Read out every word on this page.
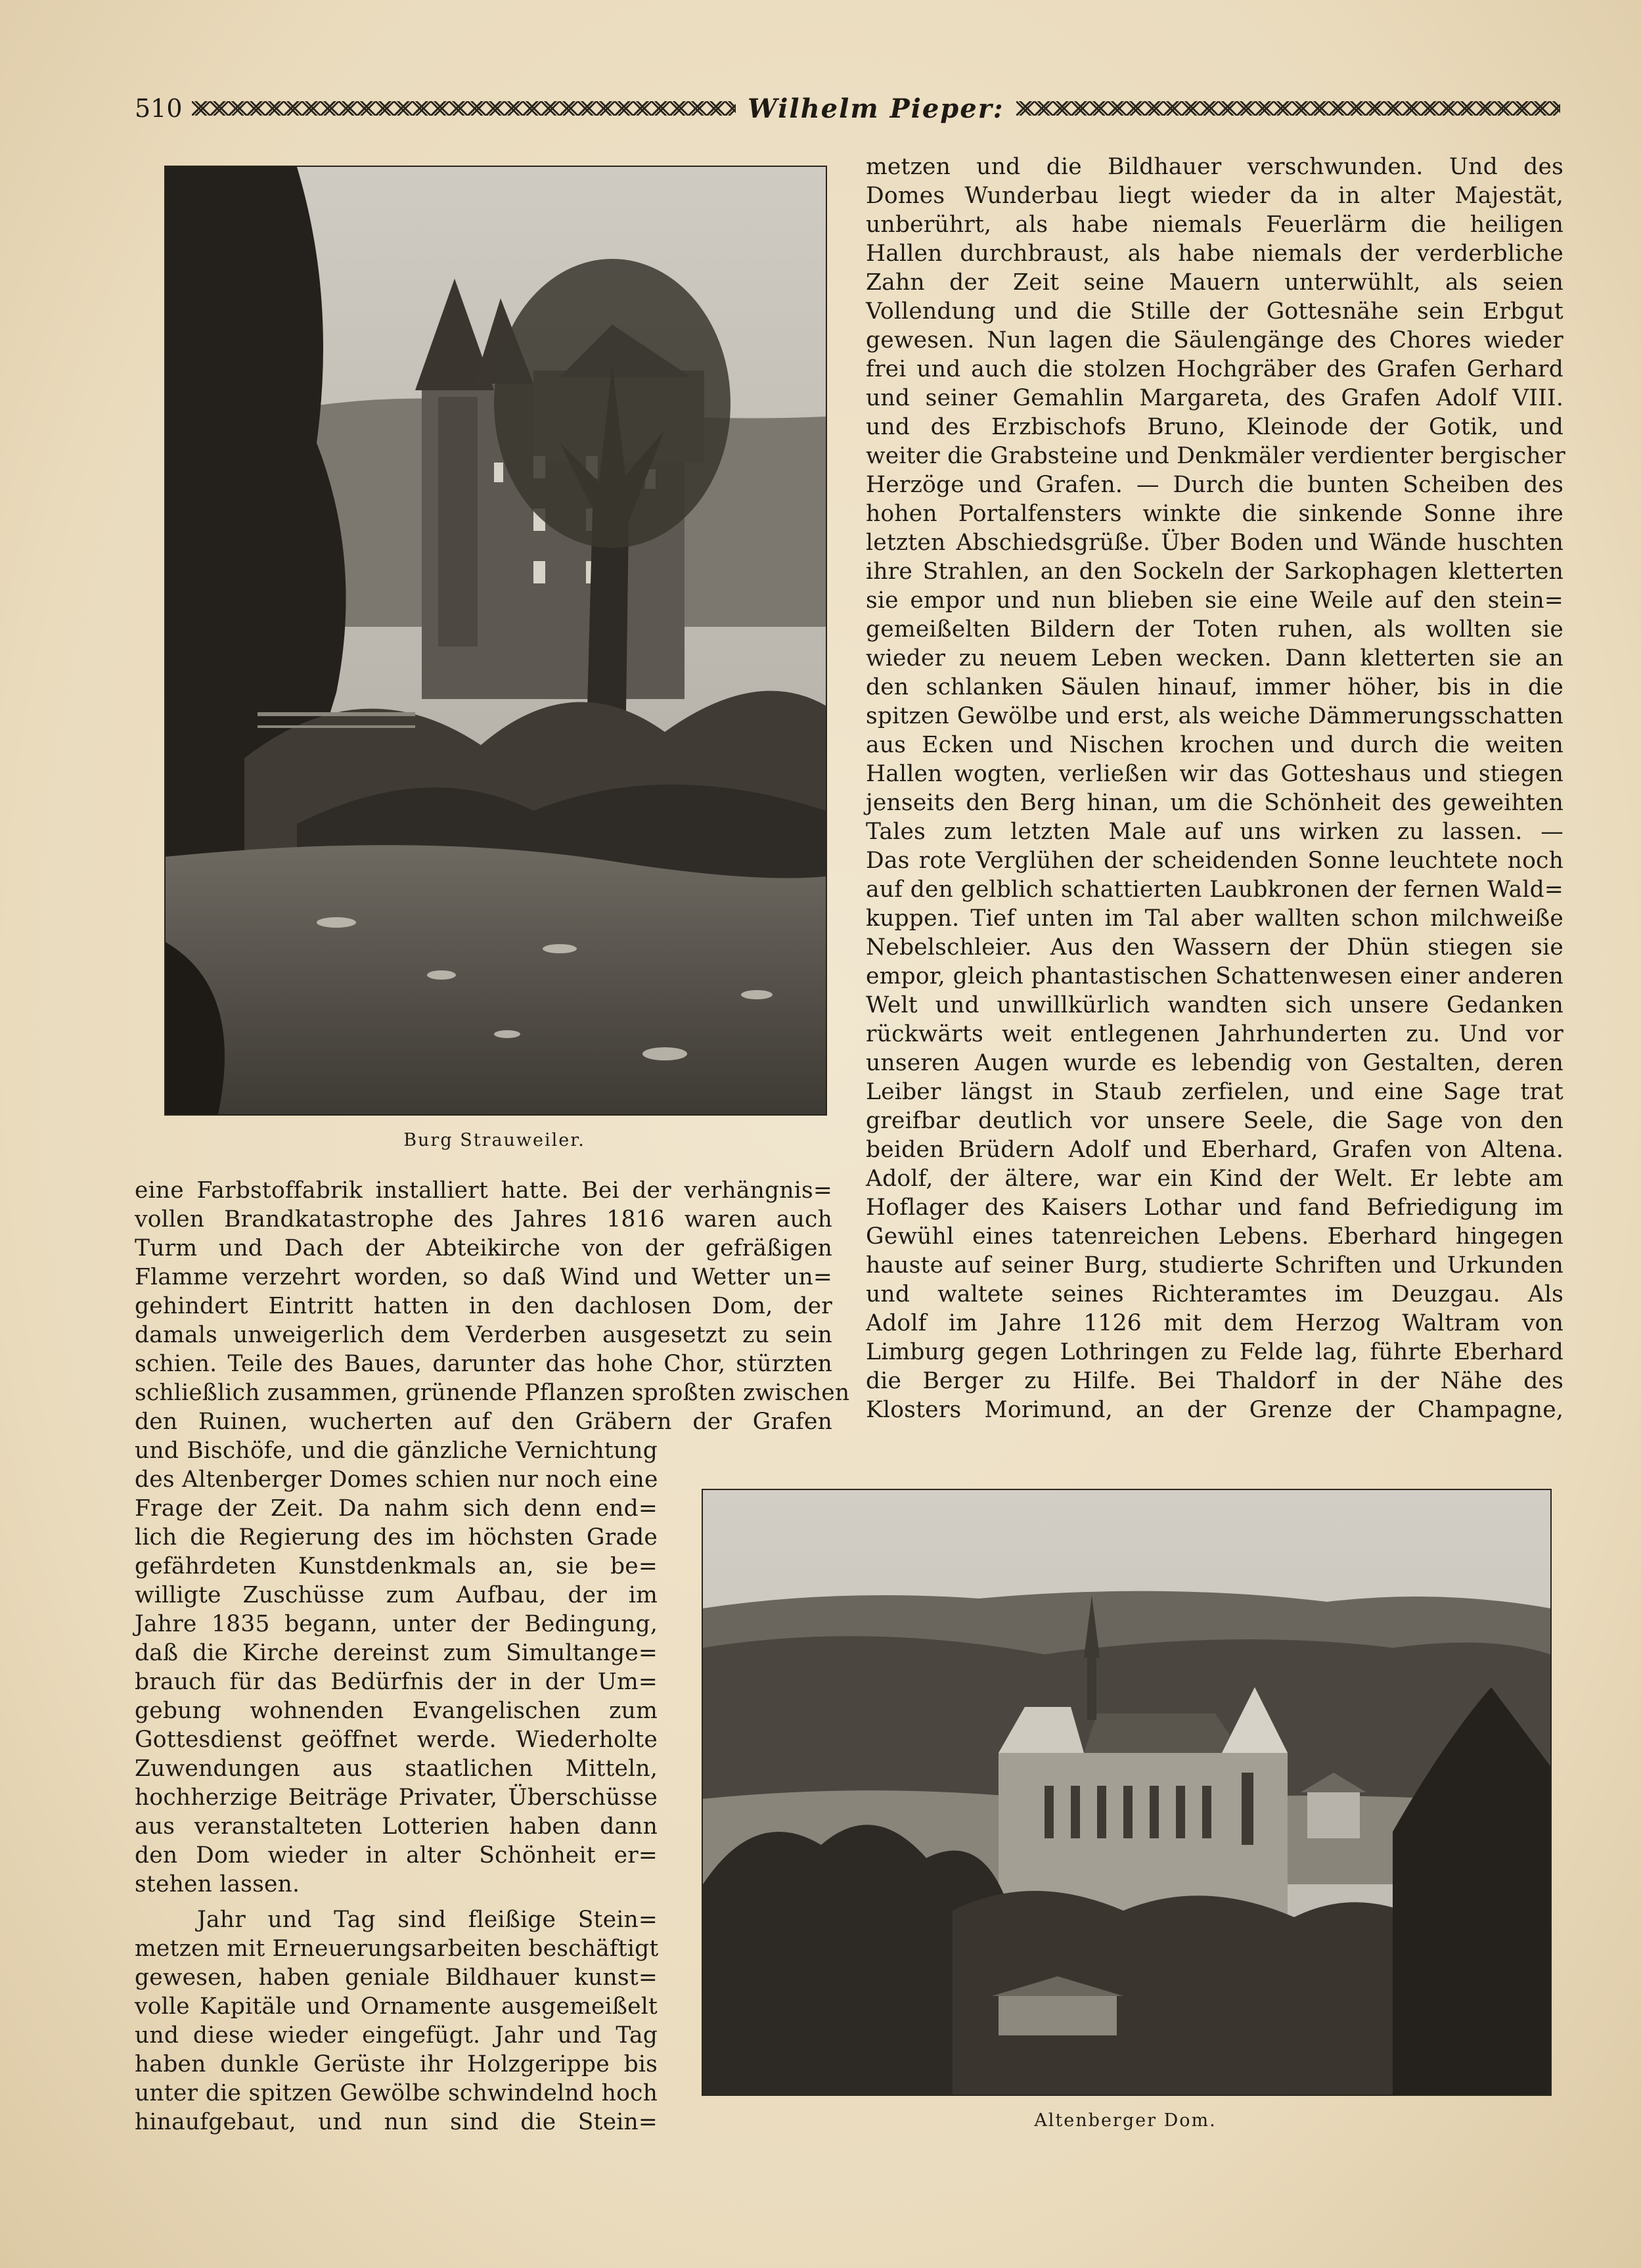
510	Wilhelm Pieper:
Burg Strauweiler.
metzen und die Bildhauer verschwunden. Und des
Domes Wunderbau liegt wieder da in alter Majestät,
unberührt, als habe niemals Feuerlärm die heiligen
Hallen durchbraust, als habe niemals der verderbliche
Zahn der Zeit seine Mauern unterwühlt, als seien
Vollendung und die Stille der Gottesnähe sein Erbgut
gewesen. Nun lagen die Säulengänge des Chores wieder
frei und auch die stolzen Hochgräber des Grafen Gerhard
und seiner Gemahlin Margareta, des Grafen Adolf VIII.
und des Erzbischofs Bruno, Kleinode der Gotik, und
weiter die Grabsteine und Denkmäler verdienter bergischer
Herzöge und Grafen. — Durch die bunten Scheiben des
hohen Portalfensters winkte die sinkende Sonne ihre
letzten Abschiedsgrüße. Über Boden und Wände huschten
ihre Strahlen, an den Sockeln der Sarkophagen kletterten
sie empor und nun blieben sie eine Weile auf den stein=
gemeißelten Bildern der Toten ruhen, als wollten sie
wieder zu neuem Leben wecken. Dann kletterten sie an
den schlanken Säulen hinauf, immer höher, bis in die
spitzen Gewölbe und erst, als weiche Dämmerungsschatten
aus Ecken und Nischen krochen und durch die weiten
Hallen wogten, verließen wir das Gotteshaus und stiegen
jenseits den Berg hinan, um die Schönheit des geweihten
Tales zum letzten Male auf uns wirken zu lassen. —
Das rote Verglühen der scheidenden Sonne leuchtete noch
auf den gelblich schattierten Laubkronen der fernen Wald=
kuppen. Tief unten im Tal aber wallten schon milchweiße
Nebelschleier. Aus den Wassern der Dhün stiegen sie
empor, gleich phantastischen Schattenwesen einer anderen
Welt und unwillkürlich wandten sich unsere Gedanken
rückwärts weit entlegenen Jahrhunderten zu. Und vor
unseren Augen wurde es lebendig von Gestalten, deren
Leiber längst in Staub zerfielen, und eine Sage trat
greifbar deutlich vor unsere Seele, die Sage von den
beiden Brüdern Adolf und Eberhard, Grafen von Altena.
Adolf, der ältere, war ein Kind der Welt. Er lebte am
Hoflager des Kaisers Lothar und fand Befriedigung im
Gewühl eines tatenreichen Lebens. Eberhard hingegen
hauste auf seiner Burg, studierte Schriften und Urkunden
und waltete seines Richteramtes im Deuzgau. Als
Adolf im Jahre 1126 mit dem Herzog Waltram von
Limburg gegen Lothringen zu Felde lag, führte Eberhard
die Berger zu Hilfe. Bei Thaldorf in der Nähe des
Klosters Morimund, an der Grenze der Champagne,
eine Farbstoffabrik installiert hatte. Bei der verhängnis=
vollen Brandkatastrophe des Jahres 1816 waren auch
Turm und Dach der Abteikirche von der gefräßigen
Flamme verzehrt worden, so daß Wind und Wetter un=
gehindert Eintritt hatten in den dachlosen Dom, der
damals unweigerlich dem Verderben ausgesetzt zu sein
schien. Teile des Baues, darunter das hohe Chor, stürzten
schließlich zusammen, grünende Pflanzen sproßten zwischen
den Ruinen, wucherten auf den Gräbern der Grafen
und Bischöfe, und die gänzliche Vernichtung
des Altenberger Domes schien nur noch eine
Frage der Zeit. Da nahm sich denn end=
lich die Regierung des im höchsten Grade
gefährdeten Kunstdenkmals an, sie be=
willigte Zuschüsse zum Aufbau, der im
Jahre 1835 begann, unter der Bedingung,
daß die Kirche dereinst zum Simultange=
brauch für das Bedürfnis der in der Um=
gebung wohnenden Evangelischen zum
Gottesdienst geöffnet werde. Wiederholte
Zuwendungen aus staatlichen Mitteln,
hochherzige Beiträge Privater, Überschüsse
aus veranstalteten Lotterien haben dann
den Dom wieder in alter Schönheit er=
stehen lassen.
Jahr und Tag sind fleißige Stein=
metzen mit Erneuerungsarbeiten beschäftigt
gewesen, haben geniale Bildhauer kunst=
volle Kapitäle und Ornamente ausgemeißelt
und diese wieder eingefügt. Jahr und Tag
haben dunkle Gerüste ihr Holzgerippe bis
unter die spitzen Gewölbe schwindelnd hoch
hinaufgebaut, und nun sind die Stein=	Altenberger Dom.
